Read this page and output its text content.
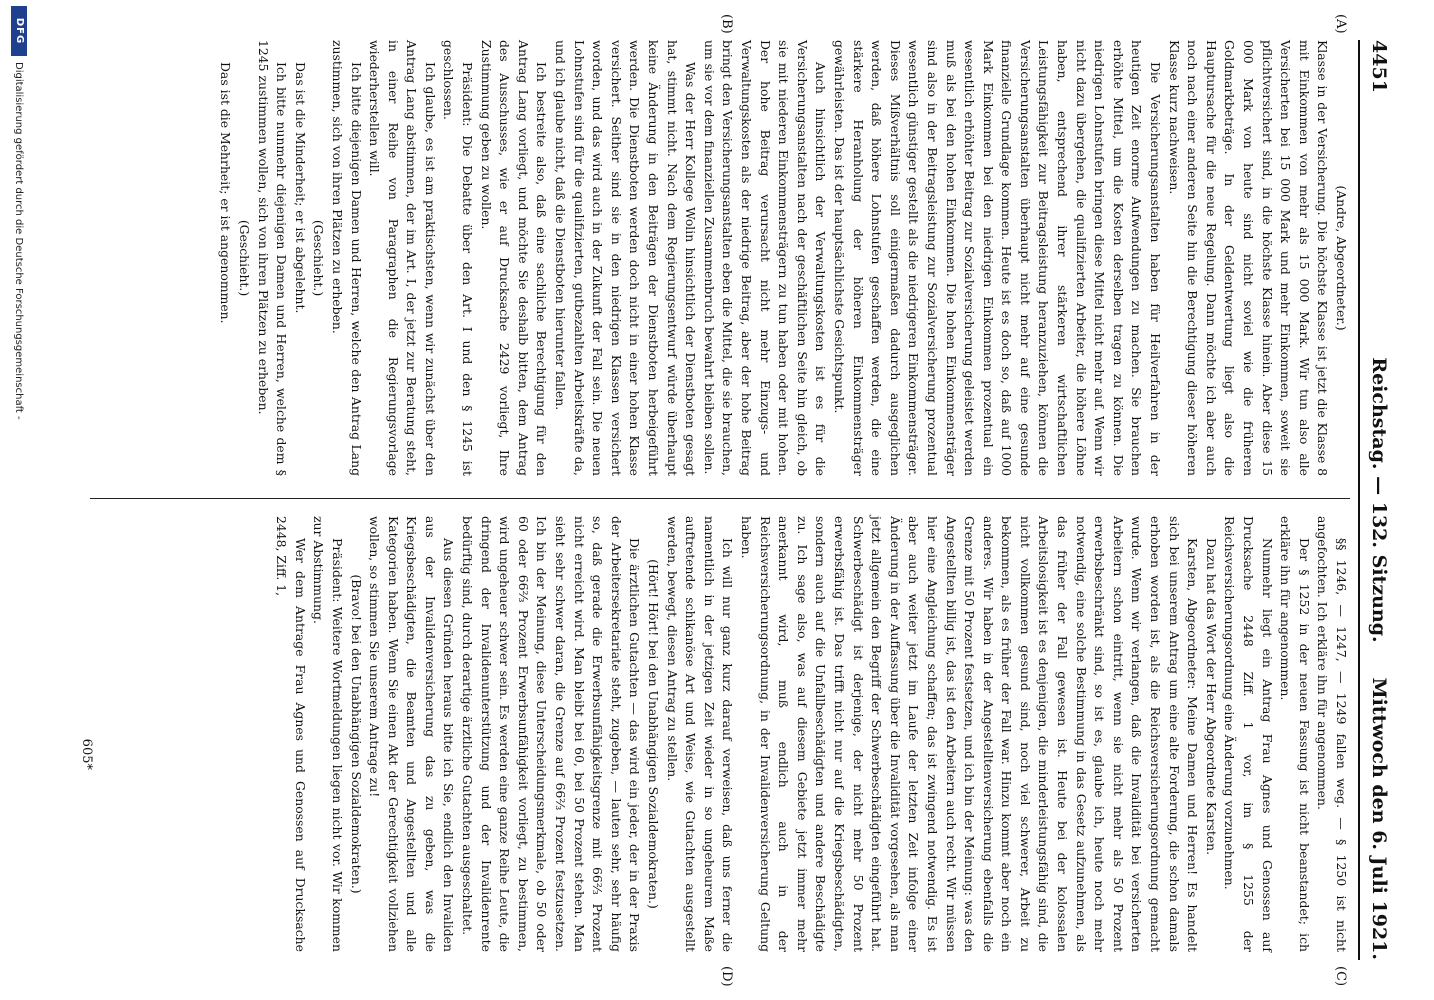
4451
Reichstag. — 132. Sitzung.
Mittwoch den 6. Juli 1921.
(A)
(B)
(C)
(D)

(Andre, Abgeordneter.)

Klasse in der Versicherung. Die höchste Klasse ist jetzt die Klasse 8 mit Einkommen von mehr als 15 000 Mark. Wir tun also alle Versicherten bei 15 000 Mark und mehr Einkommen, soweit sie pflichtversichert sind, in die höchste Klasse hinein. Aber diese 15 000 Mark von heute sind nicht soviel wie die früheren Goldmarkbeträge. In der Geldentwertung liegt also die Hauptursache für die neue Regelung. Dann möchte ich aber auch noch nach einer anderen Seite hin die Berechtigung dieser höheren Klasse kurz nachweisen.

Die Versicherungsanstalten haben für Heilverfahren in der heutigen Zeit enorme Aufwendungen zu machen. Sie brauchen erhöhte Mittel, um die Kosten derselben tragen zu können. Die niedrigen Lohnstufen bringen diese Mittel nicht mehr auf. Wenn wir nicht dazu übergehen, die qualifizierten Arbeiter, die höhere Löhne haben, entsprechend ihrer stärkeren wirtschaftlichen Leistungsfähigkeit zur Beitragsleistung heranzuziehen, können die Versicherungsanstalten überhaupt nicht mehr auf eine gesunde finanzielle Grundlage kommen. Heute ist es doch so, daß auf 1000 Mark Einkommen bei den niedrigen Einkommen prozentual ein wesentlich erhöhter Beitrag zur Sozialversicherung geleistet werden muß als bei den hohen Einkommen. Die hohen Einkommensträger sind also in der Beitragsleistung zur Sozialversicherung prozentual wesentlich günstiger gestellt als die niedrigeren Einkommensträger. Dieses Mißverhältnis soll einigermaßen dadurch ausgeglichen werden, daß höhere Lohnstufen geschaffen werden, die eine stärkere Heranholung der höheren Einkommensträger gewährleisten. Das ist der hauptsächlichste Gesichtspunkt.

Auch hinsichtlich der Verwaltungskosten ist es für die Versicherungsanstalten nach der geschäftlichen Seite hin gleich, ob sie mit niederen Einkommensträgern zu tun haben oder mit hohen. Der hohe Beitrag verursacht nicht mehr Einzugs- und Verwaltungskosten als der niedrige Beitrag, aber der hohe Beitrag bringt den Versicherungsanstalten eben die Mittel, die sie brauchen, um sie vor dem finanziellen Zusammenbruch bewahrt bleiben sollen.

Was der Herr Kollege Wolin hinsichtlich der Dienstboten gesagt hat, stimmt nicht. Nach dem Regierungsentwurf würde überhaupt keine Änderung in den Beiträgen der Dienstboten herbeigeführt werden. Die Dienstboten werden doch nicht in einer hohen Klasse versichert. Seither sind sie in den niedrigen Klassen versichert worden, und das wird auch in der Zukunft der Fall sein. Die neuen Lohnstufen sind für die qualifizierten, gutbezahlten Arbeitskräfte da, und ich glaube nicht, daß die Dienstboten hierunter fallen.

Ich bestreite also, daß eine sachliche Berechtigung für den Antrag Lang vorliegt, und möchte Sie deshalb bitten, dem Antrag des Ausschusses, wie er auf Drucksache 2429 vorliegt, Ihre Zustimmung geben zu wollen.

Präsident: Die Debatte über den Art. I und den § 1245 ist geschlossen.

Ich glaube, es ist am praktischsten, wenn wir zunächst über den Antrag Lang abstimmen, der im Art. I, der jetzt zur Beratung steht, in einer Reihe von Paragraphen die Regierungsvorlage wiederherstellen will.

Ich bitte diejenigen Damen und Herren, welche den Antrag Lang zustimmen, sich von ihren Plätzen zu erheben.

(Geschieht.)

Das ist die Minderheit; er ist abgelehnt.

Ich bitte nunmehr diejenigen Damen und Herren, welche dem § 1245 zustimmen wollen, sich von ihren Plätzen zu erheben.

(Geschieht.)

Das ist die Mehrheit; er ist angenommen.

§§ 1246, — 1247, — 1249 fallen weg. — § 1250 ist nicht angefochten. Ich erkläre ihn für angenommen.

Der § 1252 in der neuen Fassung ist nicht beanstandet; ich erkläre ihn für angenommen.

Nunmehr liegt ein Antrag Frau Agnes und Genossen auf Drucksache 2448 Ziff. 1 vor, im § 1255 der Reichsversicherungsordnung eine Änderung vorzunehmen.

Dazu hat das Wort der Herr Abgeordnete Karsten.

Karsten, Abgeordneter: Meine Damen und Herren! Es handelt sich bei unserem Antrag um eine alte Forderung, die schon damals erhoben worden ist, als die Reichsversicherungsordnung gemacht wurde. Wenn wir verlangen, daß die Invalidität bei versicherten Arbeitern schon eintritt, wenn sie nicht mehr als 50 Prozent erwerbsbeschränkt sind, so ist es, glaube ich, heute noch mehr notwendig, eine solche Bestimmung in das Gesetz aufzunehmen, als das früher der Fall gewesen ist. Heute bei der kolossalen Arbeitslosigkeit ist es denjenigen, die minderleistungsfähig sind, die nicht vollkommen gesund sind, noch viel schwerer, Arbeit zu bekommen, als es früher der Fall war. Hinzu kommt aber noch ein anderes. Wir haben in der Angestelltenversicherung ebenfalls die Grenze mit 50 Prozent festsetzen, und ich bin der Meinung: was den Angestellten billig ist, das ist den Arbeitern auch recht. Wir müssen hier eine Angleichung schaffen; das ist zwingend notwendig. Es ist aber auch weiter jetzt im Laufe der letzten Zeit infolge einer Änderung in der Auffassung über die Invalidität vorgesehen, als man jetzt allgemein den Begriff der Schwerbeschädigten eingeführt hat. Schwerbeschädigt ist derjenige, der nicht mehr 50 Prozent erwerbsfähig ist. Das trifft nicht nur auf die Kriegsbeschädigten, sondern auch auf die Unfallbeschädigten und andere Beschädigte zu. Ich sage also, was auf diesem Gebiete jetzt immer mehr anerkannt wird, muß endlich auch in der Reichsversicherungsordnung, in der Invalidenversicherung Geltung haben.

Ich will nur ganz kurz darauf verweisen, daß uns ferner die namentlich in der jetzigen Zeit wieder in so ungeheurem Maße auftretende schikanöse Art und Weise, wie Gutachten ausgestellt werden, bewegt, diesen Antrag zu stellen.

(Hört! Hört! bei den Unabhängigen Sozialdemokraten.)

Die ärztlichen Gutachten — das wird ein jeder, der in der Praxis der Arbeitersekretariate steht, zugeben, — lauten sehr, sehr häufig so, daß gerade die Erwerbsunfähigkeitsgrenze mit 66⅔ Prozent nicht erreicht wird. Man bleibt bei 60, bei 50 Prozent stehen. Man sieht sehr schwer daran, die Grenze auf 66⅔ Prozent festzusetzen. Ich bin der Meinung, diese Unterscheidungsmerkmale, ob 50 oder 60 oder 66⅔ Prozent Erwerbsunfähigkeit vorliegt, zu bestimmen, wird ungeheuer schwer sein. Es werden eine ganze Reihe Leute, die dringend der Invalidenunterstützung und der Invalidenrente bedürftig sind, durch derartige ärztliche Gutachten ausgeschaltet.

Aus diesen Gründen heraus bitte ich Sie, endlich den Invaliden aus der Invalidenversicherung das zu geben, was die Kriegsbeschädigten, die Beamten und Angestellten und alle Kategorien haben. Wenn Sie einen Akt der Gerechtigkeit vollziehen wollen, so stimmen Sie unserem Antrage zu!

(Bravo! bei den Unabhängigen Sozialdemokraten.)

Präsident: Weitere Wortmeldungen liegen nicht vor. Wir kommen zur Abstimmung.

Wer dem Antrage Frau Agnes und Genossen auf Drucksache 2448, Ziff. 1,

605*
DFG
Digitalisierung gefördert durch die Deutsche Forschungsgemeinschaft -
